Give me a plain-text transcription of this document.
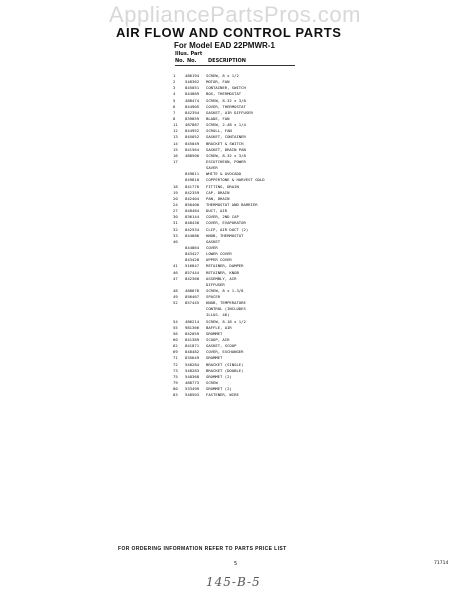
AppliancePartsPros.com
AIR FLOW AND CONTROL PARTS
For Model EAD 22PMWR-1
Illus. Part
No. No. DESCRIPTION
1	486194	SCREW, 8 x 1/2
2	548362	MOTOR, FAN
3	845051	CONTAINER, SWITCH
4	844889	BOX, THERMOSTAT
5	488474	SCREW, 8-32 x 3/8
6	844905	COVER, THERMOSTAT
7	842394	GASKET, AIR DIFFUSER
8	839859	BLADE, FAN
11	487887	SCREW, 2-48 x 1/4
12	844952	SCROLL, FAN
13	845052	GASKET, CONTAINER
14	845049	BRACKET & SWITCH
15	841564	GASKET, DRAIN PAN
16	488500	SCREW, 8-32 x 3/8
17	ESCUTCHEON, POWER
SAVER
849811	WHITE & AVOCADO
849810	COPPERTONE & HARVEST GOLD
18	841770	FITTING, DRAIN
19	842359	CAP, DRAIN
20	842404	PAN, DRAIN
24	850400	THERMOSTAT AND BARRIER
27	848484	DUCT, AIR
30	836144	COVER, 2ND CAP
31	848430	COVER, EVAPORATOR
32	842534	CLIP, AIR DUCT (2)
33	844886	KNOB, THERMOSTAT
40	GASKET
844864	COVER
843427	LOWER COVER
843428	UPPER COVER
41	516847	RETAINER, DAMPER
46	857444	RETAINER, KNOB
47	842360	ASSEMBLY, AIR
DIFFUSER
48	488678	SCREW, 8 x 1-3/8
49	856467	SPACER
52	857445	KNOB, TEMPERATURE
CONTROL (INCLUDES
ILLUS. 46)
54	486214	SCREW, 8-18 x 1/2
55	981366	BAFFLE, AIR
56	842059	GROMMET
60	841389	SCOOP, AIR
62	841871	GASKET, SCOOP
69	848482	COVER, EXCHANGER
71	835649	GROMMET
72	548284	BRACKET (SINGLE)
73	548283	BRACKET (DOUBLE)
75	548368	GROMMET (2)
79	488773	SCREW
80	533499	GROMMET (2)
83	548503	FASTENER, WIRE
FOR ORDERING INFORMATION REFER TO PARTS PRICE LIST
5	71714
145-B-5
